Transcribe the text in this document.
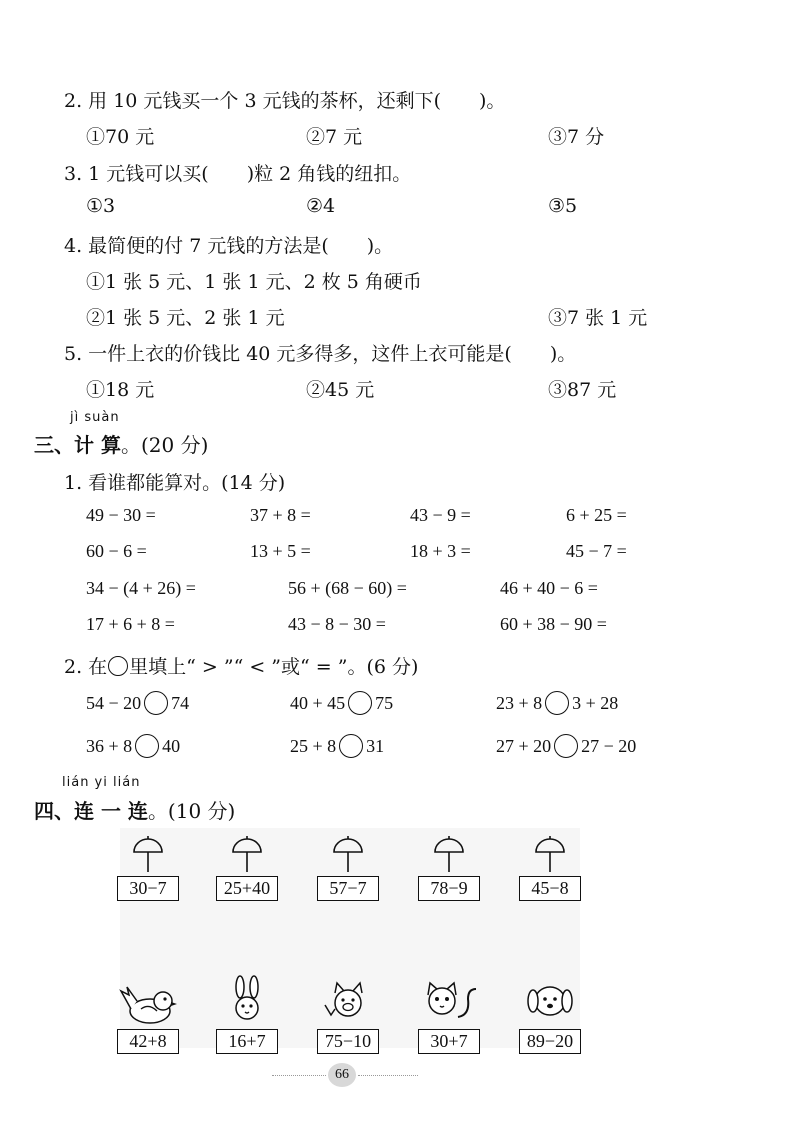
2. 用 10 元钱买一个 3 元钱的茶杯，还剩下(　　)。
①70 元	②7 元	③7 分
3. 1 元钱可以买(　　)粒 2 角钱的纽扣。
①3	②4	③5
4. 最简便的付 7 元钱的方法是(　　)。
①1 张 5 元、1 张 1 元、2 枚 5 角硬币
②1 张 5 元、2 张 1 元	③7 张 1 元
5. 一件上衣的价钱比 40 元多得多，这件上衣可能是(　　)。
①18 元	②45 元	③87 元
jì suàn
三、计 算。(20 分)
1. 看谁都能算对。(14 分)
49 − 30 =	37 + 8 =	43 − 9 =	6 + 25 =
60 − 6 =	13 + 5 =	18 + 3 =	45 − 7 =
34 − (4 + 26) =	56 + (68 − 60) =	46 + 40 − 6 =
17 + 6 + 8 =	43 − 8 − 30 =	60 + 38 − 90 =
2. 在 里填上“ > ”“ < ”或“ = ”。(6 分)
54 − 20 74	40 + 45 75	23 + 8 3 + 28
36 + 8 40	25 + 8 31	27 + 20 27 − 20
lián yi lián
四、连 一 连。(10 分)
30−7	25+40	57−7	78−9	45−8
42+8	16+7	75−10	30+7	89−20
66
